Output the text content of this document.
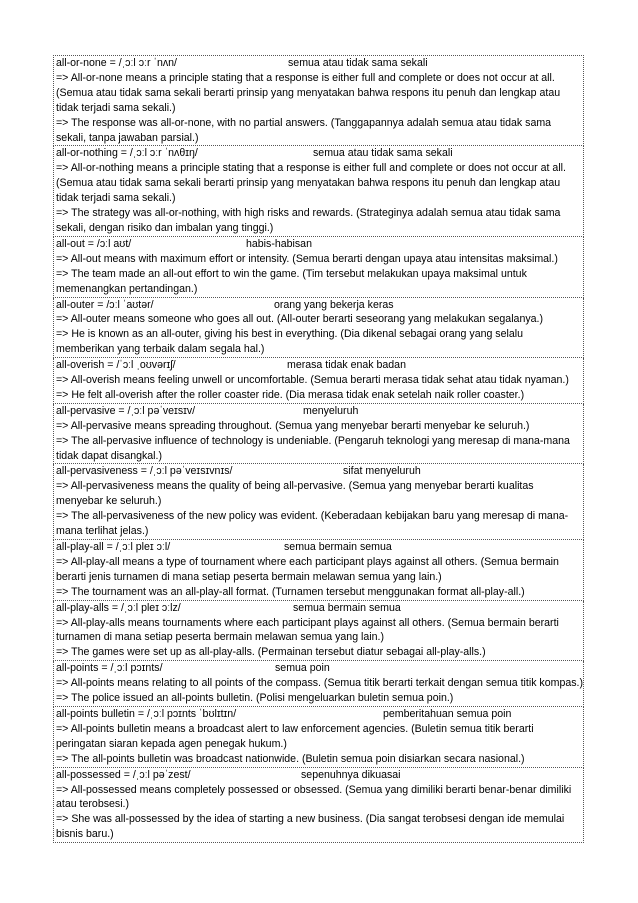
all-or-none = /ˌɔːl ɔːr ˈnʌn/	semua atau tidak sama sekali
=> All-or-none means a principle stating that a response is either full and complete or does not occur at all. (Semua atau tidak sama sekali berarti prinsip yang menyatakan bahwa respons itu penuh dan lengkap atau tidak terjadi sama sekali.)
=> The response was all-or-none, with no partial answers. (Tanggapannya adalah semua atau tidak sama sekali, tanpa jawaban parsial.)
all-or-nothing = /ˌɔːl ɔːr ˈnʌθɪŋ/	semua atau tidak sama sekali
=> All-or-nothing means a principle stating that a response is either full and complete or does not occur at all. (Semua atau tidak sama sekali berarti prinsip yang menyatakan bahwa respons itu penuh dan lengkap atau tidak terjadi sama sekali.)
=> The strategy was all-or-nothing, with high risks and rewards. (Strateginya adalah semua atau tidak sama sekali, dengan risiko dan imbalan yang tinggi.)
all-out = /ɔːl aʊt/	habis-habisan
=> All-out means with maximum effort or intensity. (Semua berarti dengan upaya atau intensitas maksimal.)
=> The team made an all-out effort to win the game. (Tim tersebut melakukan upaya maksimal untuk memenangkan pertandingan.)
all-outer = /ɔːl ˈaʊtər/	orang yang bekerja keras
=> All-outer means someone who goes all out. (All-outer berarti seseorang yang melakukan segalanya.)
=> He is known as an all-outer, giving his best in everything. (Dia dikenal sebagai orang yang selalu memberikan yang terbaik dalam segala hal.)
all-overish = /ˈɔːl ˌoʊvərɪʃ/	merasa tidak enak badan
=> All-overish means feeling unwell or uncomfortable. (Semua berarti merasa tidak sehat atau tidak nyaman.)
=> He felt all-overish after the roller coaster ride. (Dia merasa tidak enak setelah naik roller coaster.)
all-pervasive = /ˌɔːl pəˈveɪsɪv/	menyeluruh
=> All-pervasive means spreading throughout. (Semua yang menyebar berarti menyebar ke seluruh.)
=> The all-pervasive influence of technology is undeniable. (Pengaruh teknologi yang meresap di mana-mana tidak dapat disangkal.)
all-pervasiveness = /ˌɔːl pəˈveɪsɪvnɪs/	sifat menyeluruh
=> All-pervasiveness means the quality of being all-pervasive. (Semua yang menyebar berarti kualitas menyebar ke seluruh.)
=> The all-pervasiveness of the new policy was evident. (Keberadaan kebijakan baru yang meresap di mana-mana terlihat jelas.)
all-play-all = /ˌɔːl pleɪ ɔːl/	semua bermain semua
=> All-play-all means a type of tournament where each participant plays against all others. (Semua bermain berarti jenis turnamen di mana setiap peserta bermain melawan semua yang lain.)
=> The tournament was an all-play-all format. (Turnamen tersebut menggunakan format all-play-all.)
all-play-alls = /ˌɔːl pleɪ ɔːlz/	semua bermain semua
=> All-play-alls means tournaments where each participant plays against all others. (Semua bermain berarti turnamen di mana setiap peserta bermain melawan semua yang lain.)
=> The games were set up as all-play-alls. (Permainan tersebut diatur sebagai all-play-alls.)
all-points = /ˌɔːl pɔɪnts/	semua poin
=> All-points means relating to all points of the compass. (Semua titik berarti terkait dengan semua titik kompas.)
=> The police issued an all-points bulletin. (Polisi mengeluarkan buletin semua poin.)
all-points bulletin = /ˌɔːl pɔɪnts ˈbʊlɪtɪn/	pemberitahuan semua poin
=> All-points bulletin means a broadcast alert to law enforcement agencies. (Buletin semua titik berarti peringatan siaran kepada agen penegak hukum.)
=> The all-points bulletin was broadcast nationwide. (Buletin semua poin disiarkan secara nasional.)
all-possessed = /ˌɔːl pəˈzest/	sepenuhnya dikuasai
=> All-possessed means completely possessed or obsessed. (Semua yang dimiliki berarti benar-benar dimiliki atau terobsesi.)
=> She was all-possessed by the idea of starting a new business. (Dia sangat terobsesi dengan ide memulai bisnis baru.)
